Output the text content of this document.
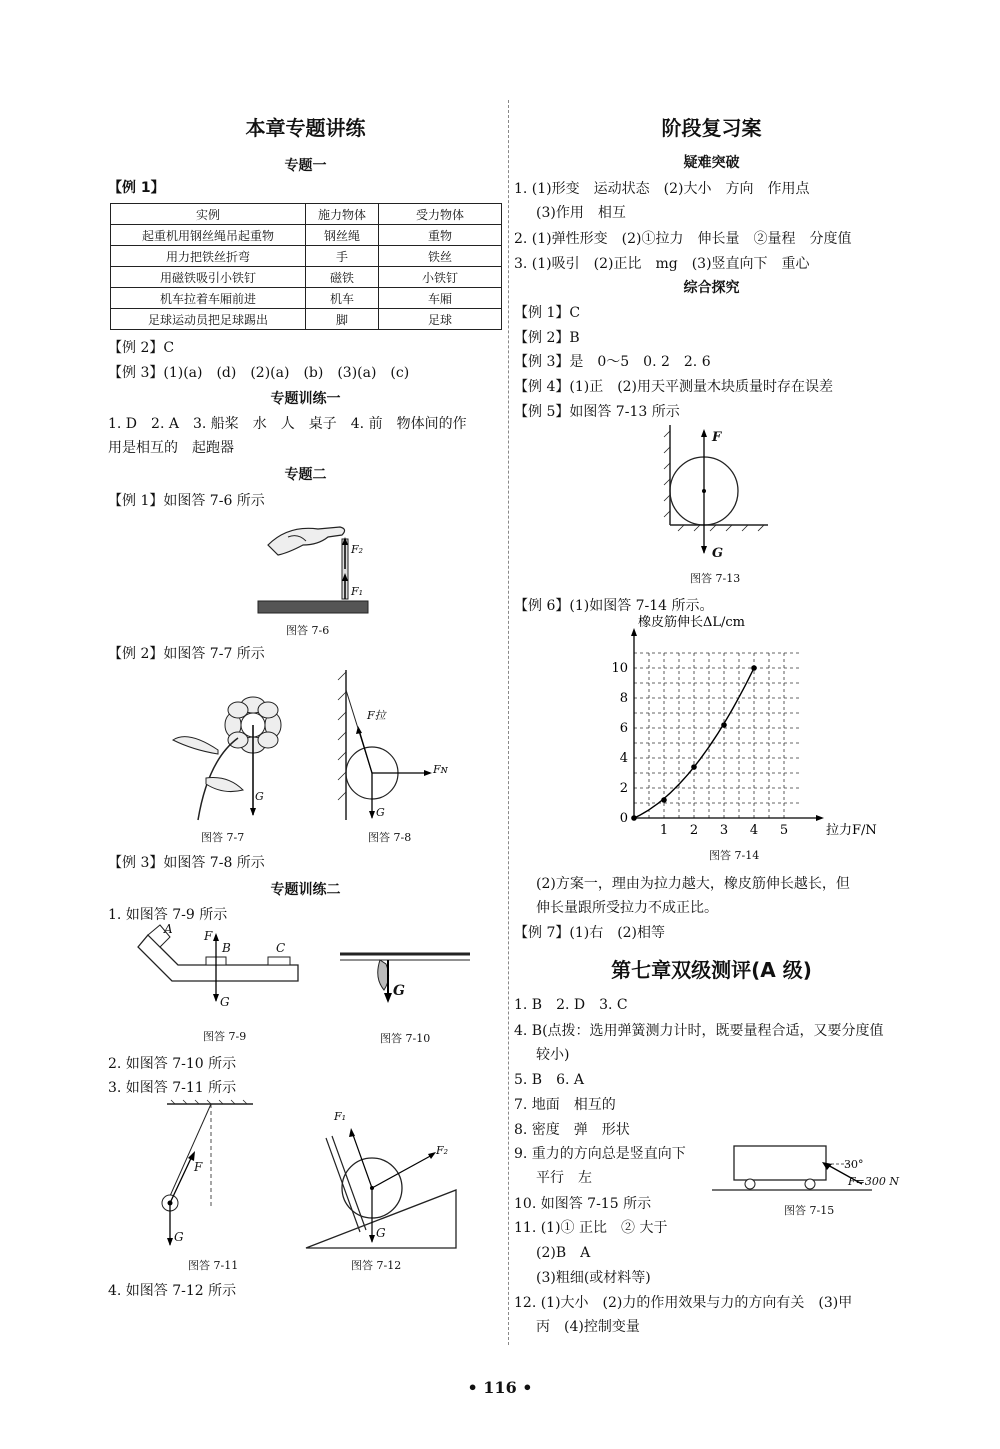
本章专题讲练
专题一
【例 1】
实例	施力物体	受力物体
起重机用钢丝绳吊起重物	钢丝绳	重物
用力把铁丝折弯	手	铁丝
用磁铁吸引小铁钉	磁铁	小铁钉
机车拉着车厢前进	机车	车厢
足球运动员把足球踢出	脚	足球
【例 2】C
【例 3】(1)(a)　(d)　(2)(a)　(b)　(3)(a)　(c)
专题训练一
1. D　2. A　3. 船桨　水　人　桌子　4. 前　物体间的作
用是相互的　起跑器
专题二
【例 1】如图答 7-6 所示
F₂
F₁
图答 7-6
【例 2】如图答 7-7 所示
G
图答 7-7
F拉
Fɴ
G
图答 7-8
【例 3】如图答 7-8 所示
专题训练二
1. 如图答 7-9 所示
A	F
B	C
G
图答 7-9
G
图答 7-10
2. 如图答 7-10 所示
3. 如图答 7-11 所示
F
G
图答 7-11
F₁
F₂
G
图答 7-12
4. 如图答 7-12 所示
阶段复习案
疑难突破
1. (1)形变　运动状态　(2)大小　方向　作用点
(3)作用　相互
2. (1)弹性形变　(2)①拉力　伸长量　②量程　分度值
3. (1)吸引　(2)正比　mg　(3)竖直向下　重心
综合探究
【例 1】C
【例 2】B
【例 3】是　0～5　0. 2　2. 6
【例 4】(1)正　(2)用天平测量木块质量时存在误差
【例 5】如图答 7-13 所示
F
G
图答 7-13
【例 6】(1)如图答 7-14 所示。
1 2 3 4 5
0
2
4
6
8
10
拉力F/N
橡皮筋伸长ΔL/cm
图答 7-14
(2)方案一，理由为拉力越大，橡皮筋伸长越长，但
伸长量跟所受拉力不成正比。
【例 7】(1)右　(2)相等
第七章双级测评(A 级)
1. B　2. D　3. C
4. B(点拨：选用弹簧测力计时，既要量程合适，又要分度值
较小)
5. B　6. A
7. 地面　相互的
8. 密度　弹　形状
9. 重力的方向总是竖直向下
平行　左
30°
F=300 N
图答 7-15
10. 如图答 7-15 所示
11. (1)① 正比　② 大于
(2)B　A
(3)粗细(或材料等)
12. (1)大小　(2)力的作用效果与力的方向有关　(3)甲
丙　(4)控制变量
• 116 •
